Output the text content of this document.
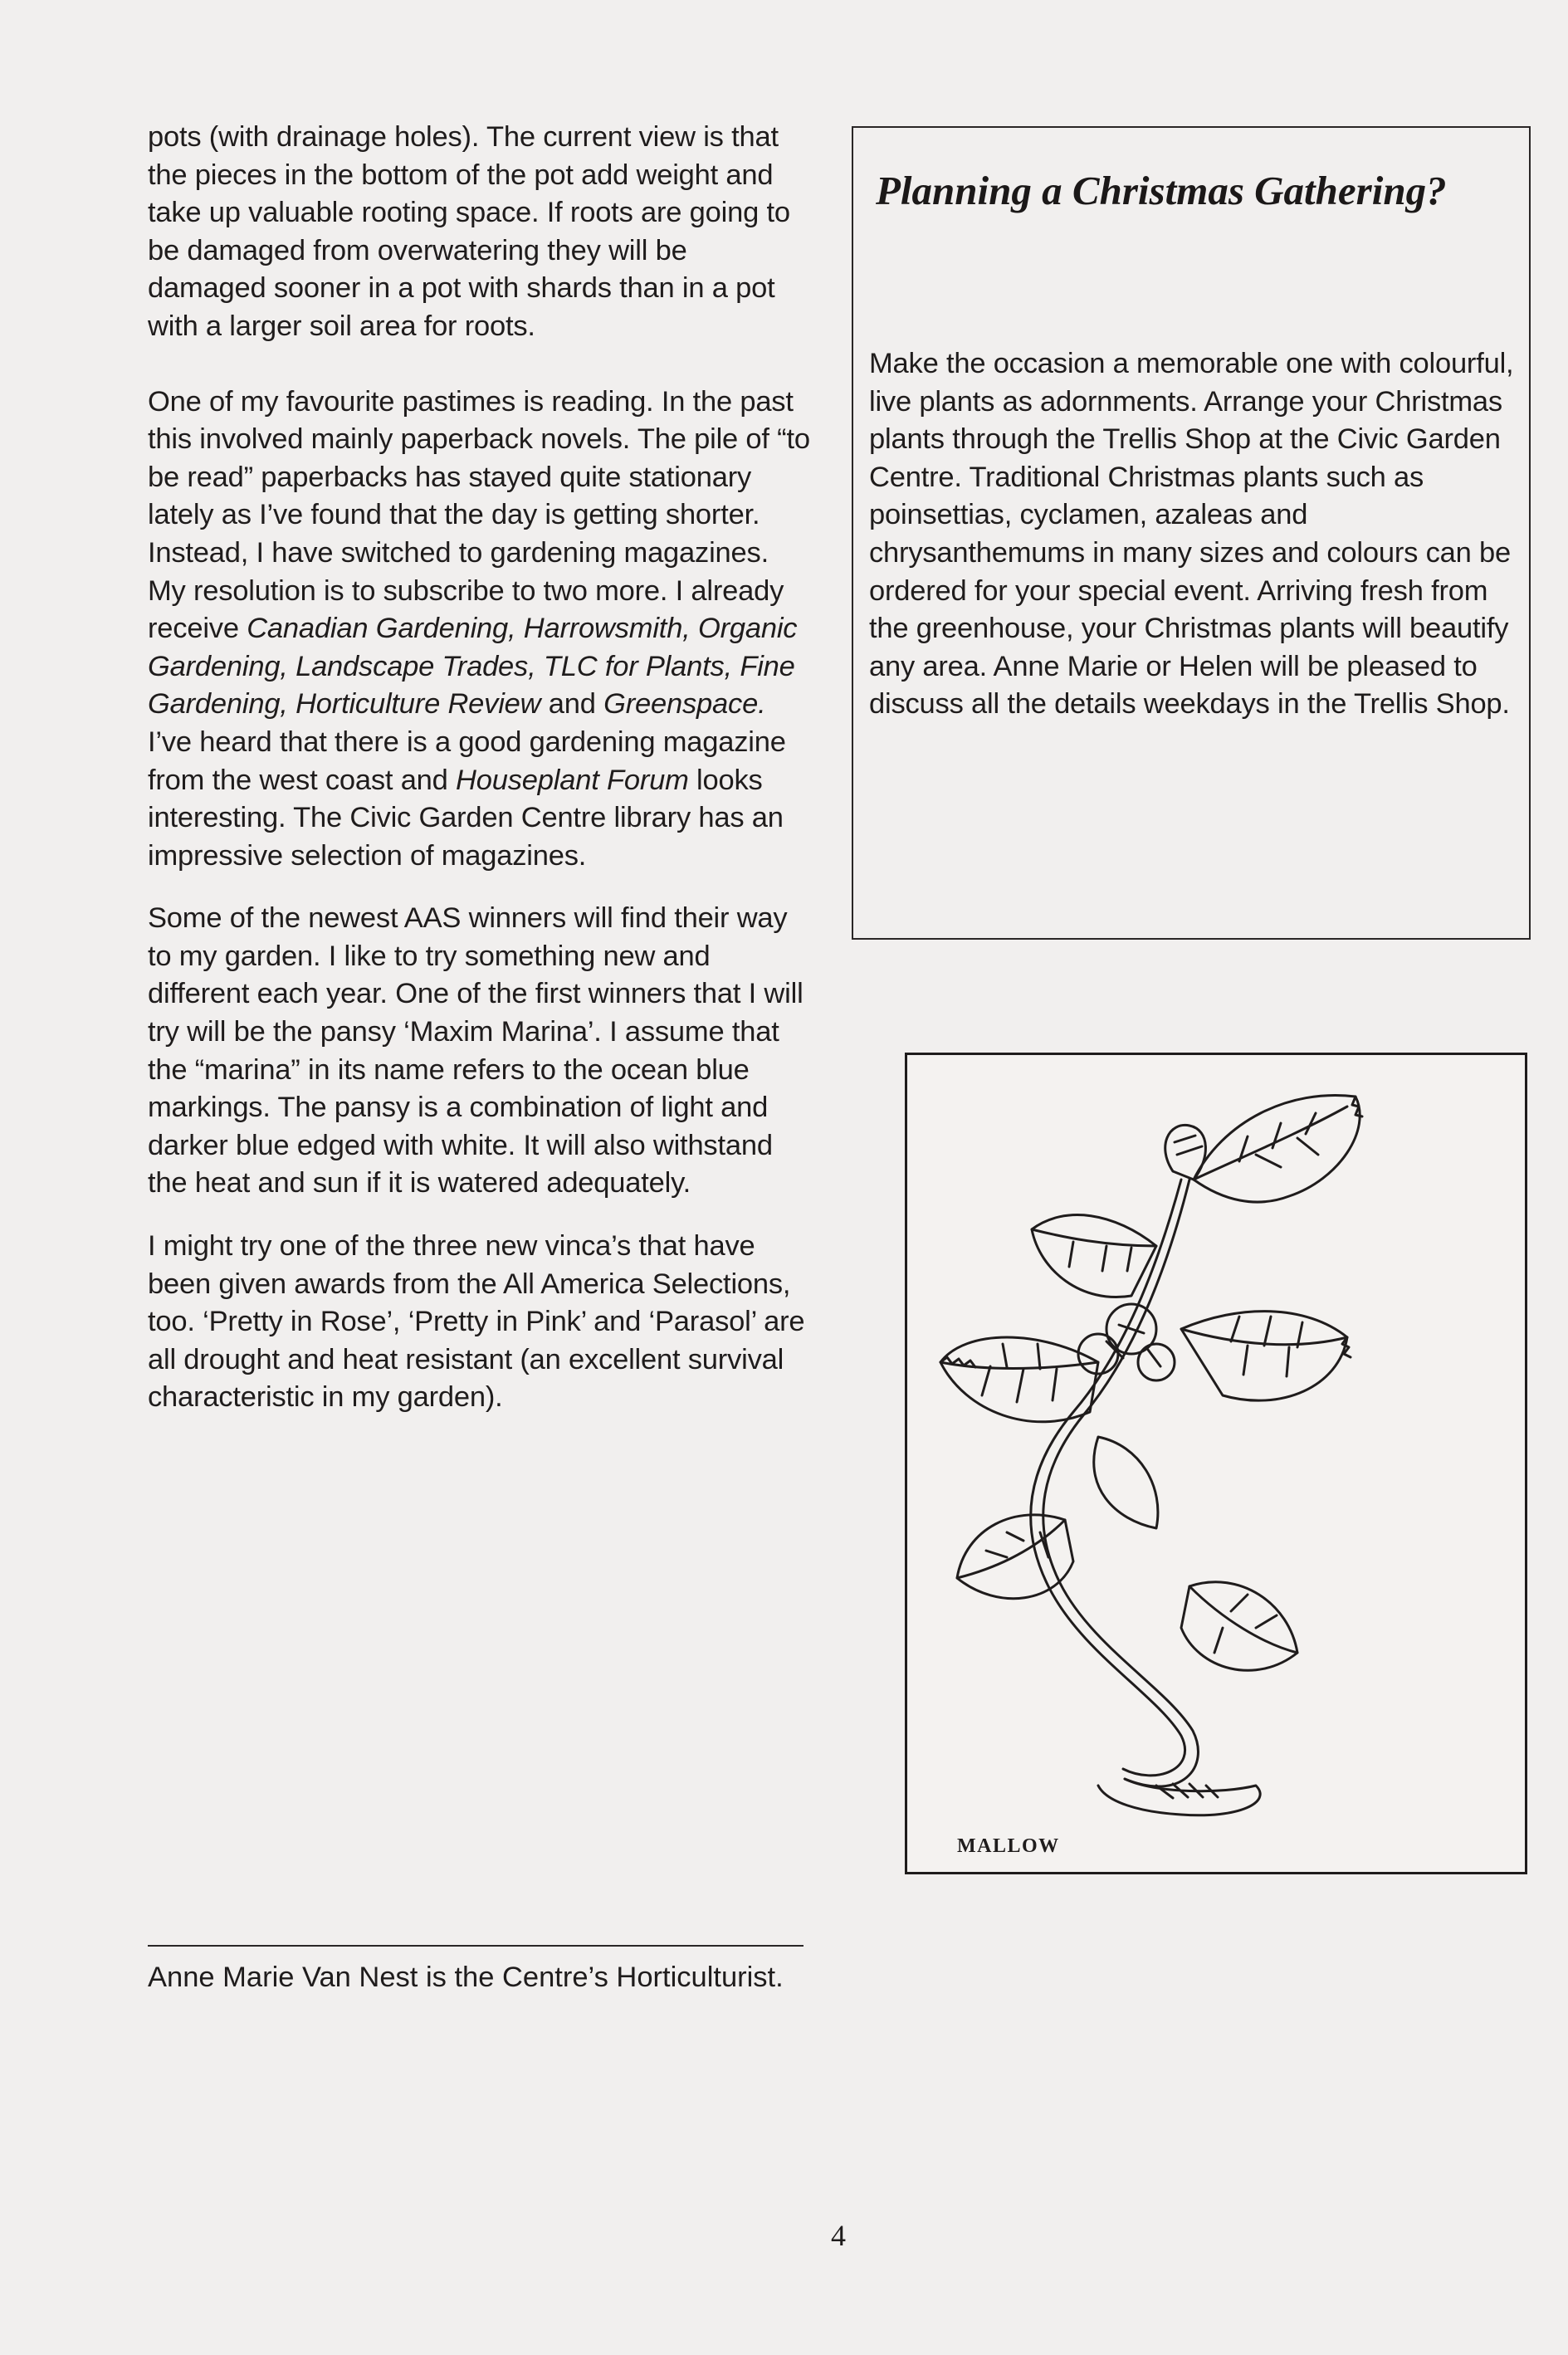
pots (with drainage holes). The current view is that the pieces in the bottom of the pot add weight and take up valuable rooting space. If roots are going to be damaged from overwatering they will be damaged sooner in a pot with shards than in a pot with a larger soil area for roots.

One of my favourite pastimes is reading. In the past this involved mainly paperback novels. The pile of “to be read” paperbacks has stayed quite stationary lately as I’ve found that the day is getting shorter. Instead, I have switched to gardening magazines. My resolution is to subscribe to two more. I already receive Canadian Gardening, Harrowsmith, Organic Gardening, Landscape Trades, TLC for Plants, Fine Gardening, Horticulture Review and Greenspace. I’ve heard that there is a good gardening magazine from the west coast and Houseplant Forum looks interesting. The Civic Garden Centre library has an impressive selection of magazines.

Some of the newest AAS winners will find their way to my garden. I like to try something new and different each year. One of the first winners that I will try will be the pansy ‘Maxim Marina’. I assume that the “marina” in its name refers to the ocean blue markings. The pansy is a combination of light and darker blue edged with white. It will also withstand the heat and sun if it is watered adequately.

I might try one of the three new vinca’s that have been given awards from the All America Selections, too. ‘Pretty in Rose’, ‘Pretty in Pink’ and ‘Parasol’ are all drought and heat resistant (an excellent survival characteristic in my garden).

Anne Marie Van Nest is the Centre’s Horticulturist.
Planning a Christmas Gathering?
Make the occasion a memorable one with colourful, live plants as adornments. Arrange your Christmas plants through the Trellis Shop at the Civic Garden Centre. Traditional Christmas plants such as poinsettias, cyclamen, azaleas and chrysanthemums in many sizes and colours can be ordered for your special event. Arriving fresh from the greenhouse, your Christmas plants will beautify any area. Anne Marie or Helen will be pleased to discuss all the details weekdays in the Trellis Shop.
MALLOW
4
